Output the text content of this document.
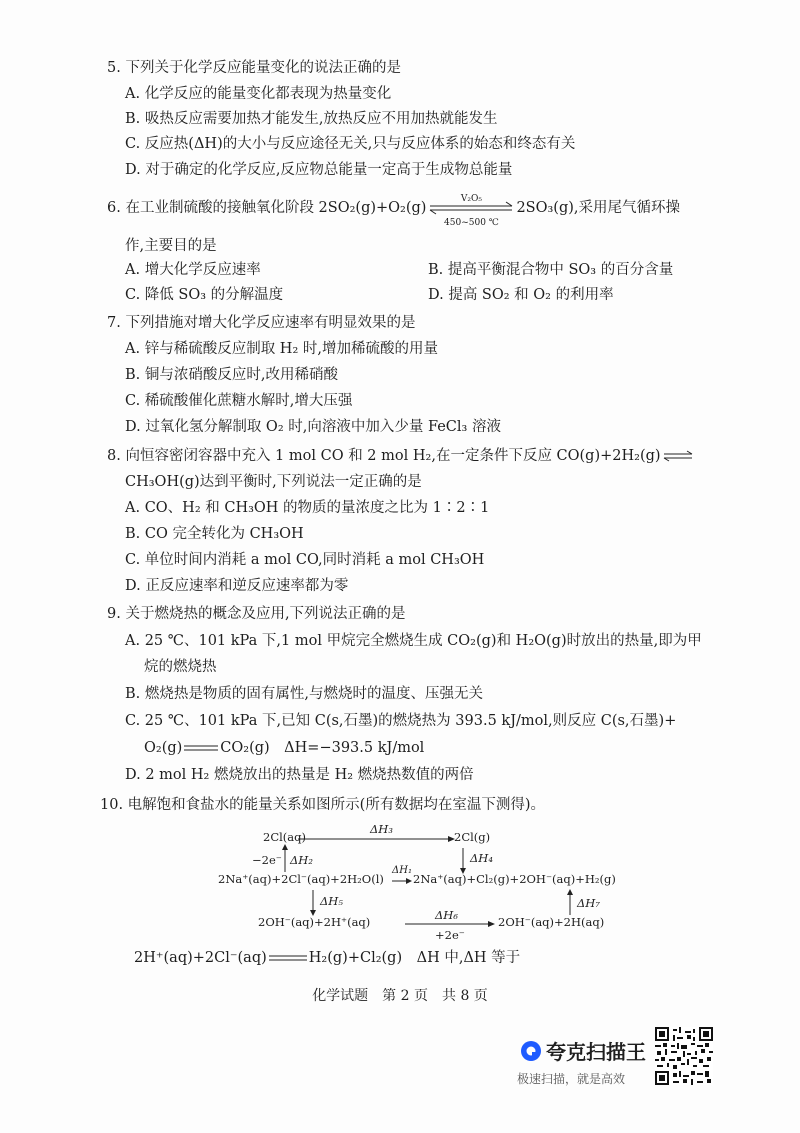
5. 下列关于化学反应能量变化的说法正确的是
A. 化学反应的能量变化都表现为热量变化
B. 吸热反应需要加热才能发生,放热反应不用加热就能发生
C. 反应热(ΔH)的大小与反应途径无关,只与反应体系的始态和终态有关
D. 对于确定的化学反应,反应物总能量一定高于生成物总能量
6. 在工业制硫酸的接触氧化阶段 2SO₂(g)+O₂(g)
V₂O₅
450~500 ℃
2SO₃(g),采用尾气循环操
作,主要目的是
A. 增大化学反应速率	B. 提高平衡混合物中 SO₃ 的百分含量
C. 降低 SO₃ 的分解温度	D. 提高 SO₂ 和 O₂ 的利用率
7. 下列措施对增大化学反应速率有明显效果的是
A. 锌与稀硫酸反应制取 H₂ 时,增加稀硫酸的用量
B. 铜与浓硝酸反应时,改用稀硝酸
C. 稀硫酸催化蔗糖水解时,增大压强
D. 过氧化氢分解制取 O₂ 时,向溶液中加入少量 FeCl₃ 溶液
8. 向恒容密闭容器中充入 1 mol CO 和 2 mol H₂,在一定条件下反应 CO(g)+2H₂(g) ⇌
CH₃OH(g)达到平衡时,下列说法一定正确的是
A. CO、H₂ 和 CH₃OH 的物质的量浓度之比为 1∶2∶1
B. CO 完全转化为 CH₃OH
C. 单位时间内消耗 a mol CO,同时消耗 a mol CH₃OH
D. 正反应速率和逆反应速率都为零
9. 关于燃烧热的概念及应用,下列说法正确的是
A. 25 ℃、101 kPa 下,1 mol 甲烷完全燃烧生成 CO₂(g)和 H₂O(g)时放出的热量,即为甲
烷的燃烧热
B. 燃烧热是物质的固有属性,与燃烧时的温度、压强无关
C. 25 ℃、101 kPa 下,已知 C(s,石墨)的燃烧热为 393.5 kJ/mol,则反应 C(s,石墨)+
O₂(g)	CO₂(g)　ΔH=−393.5 kJ/mol
D. 2 mol H₂ 燃烧放出的热量是 H₂ 燃烧热数值的两倍
10. 电解饱和食盐水的能量关系如图所示(所有数据均在室温下测得)。
2Cl(aq)
ΔH₃
2Cl(g)
−2e⁻ ΔH₂	ΔH₄
ΔH₁
2Na⁺(aq)+2Cl⁻(aq)+2H₂O(l)	2Na⁺(aq)+Cl₂(g)+2OH⁻(aq)+H₂(g)
ΔH₅	ΔH₇
2OH⁻(aq)+2H⁺(aq)	ΔH₆
+2e⁻
2OH⁻(aq)+2H(aq)
2H⁺(aq)+2Cl⁻(aq)	H₂(g)+Cl₂(g)　ΔH 中,ΔH 等于
化学试题　第 2 页　共 8 页
夸克扫描王
极速扫描，就是高效
